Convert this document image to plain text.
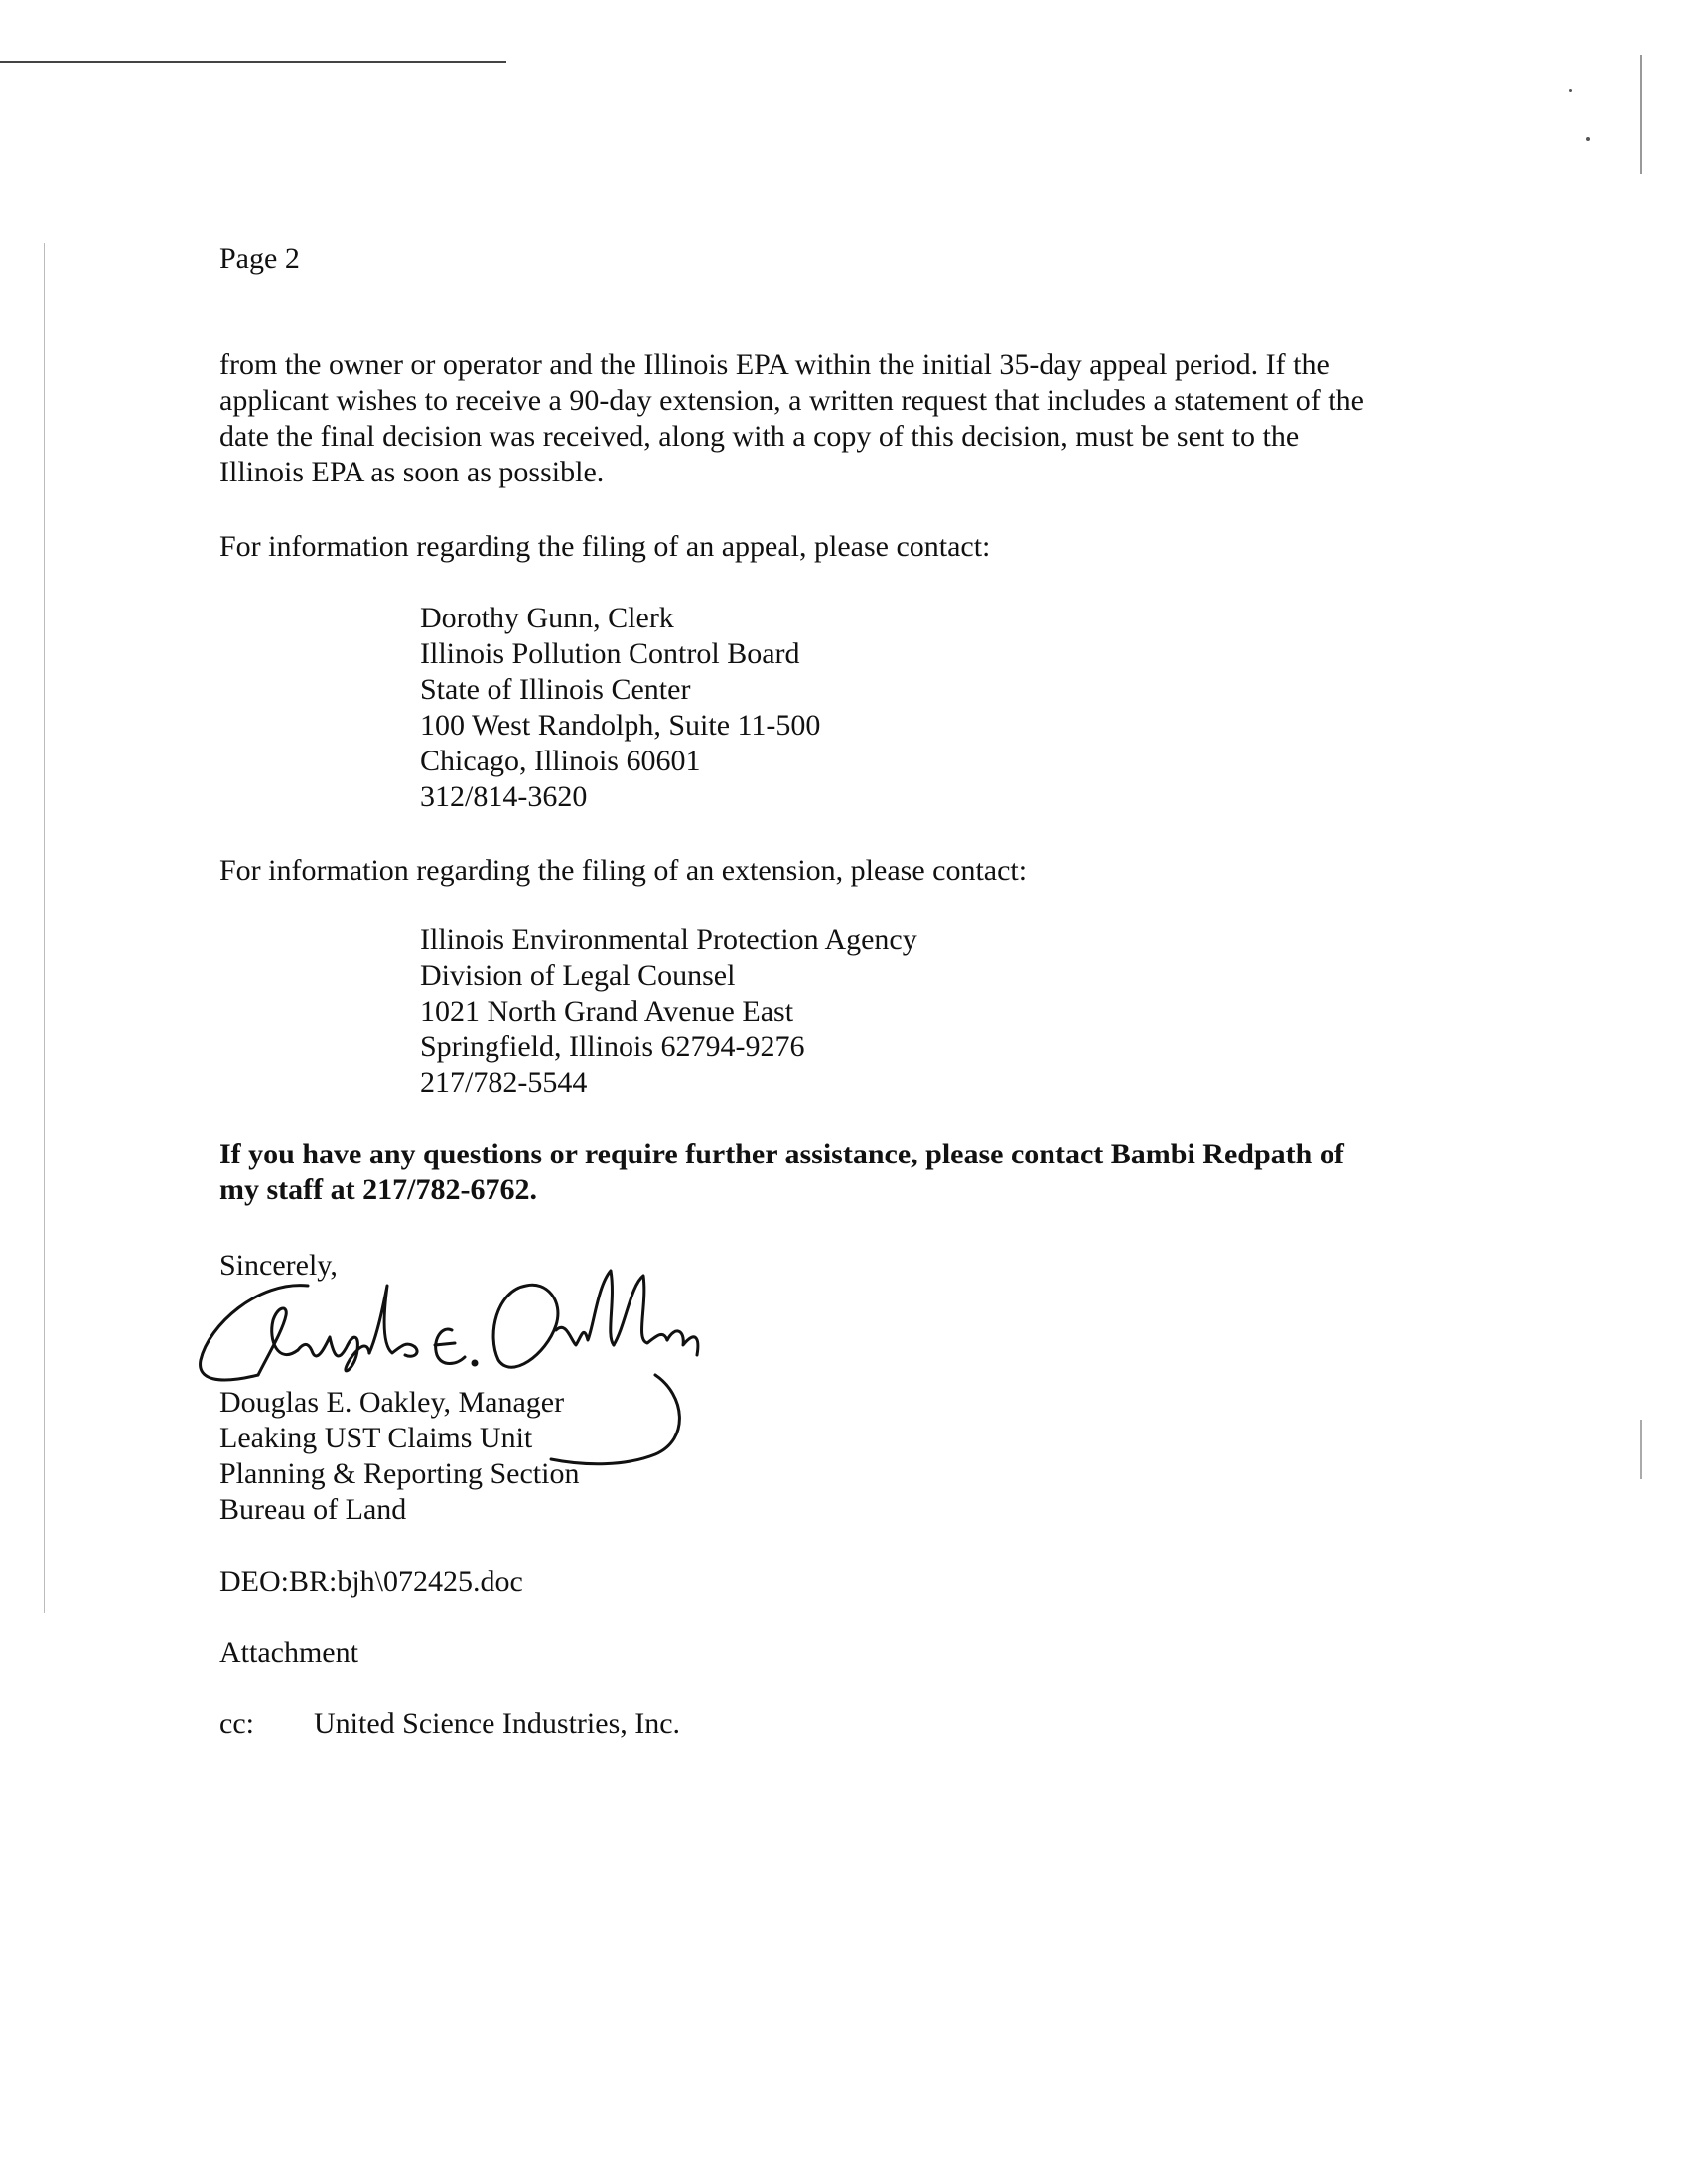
Page 2
from the owner or operator and the Illinois EPA within the initial 35-day appeal period. If the
applicant wishes to receive a 90-day extension, a written request that includes a statement of the
date the final decision was received, along with a copy of this decision, must be sent to the
Illinois EPA as soon as possible.
For information regarding the filing of an appeal, please contact:
Dorothy Gunn, Clerk
Illinois Pollution Control Board
State of Illinois Center
100 West Randolph, Suite 11-500
Chicago, Illinois 60601
312/814-3620
For information regarding the filing of an extension, please contact:
Illinois Environmental Protection Agency
Division of Legal Counsel
1021 North Grand Avenue East
Springfield, Illinois 62794-9276
217/782-5544
If you have any questions or require further assistance, please contact Bambi Redpath of
my staff at 217/782-6762.
Sincerely,
Douglas E. Oakley, Manager
Leaking UST Claims Unit
Planning & Reporting Section
Bureau of Land
DEO:BR:bjh\072425.doc
Attachment
cc: United Science Industries, Inc.
